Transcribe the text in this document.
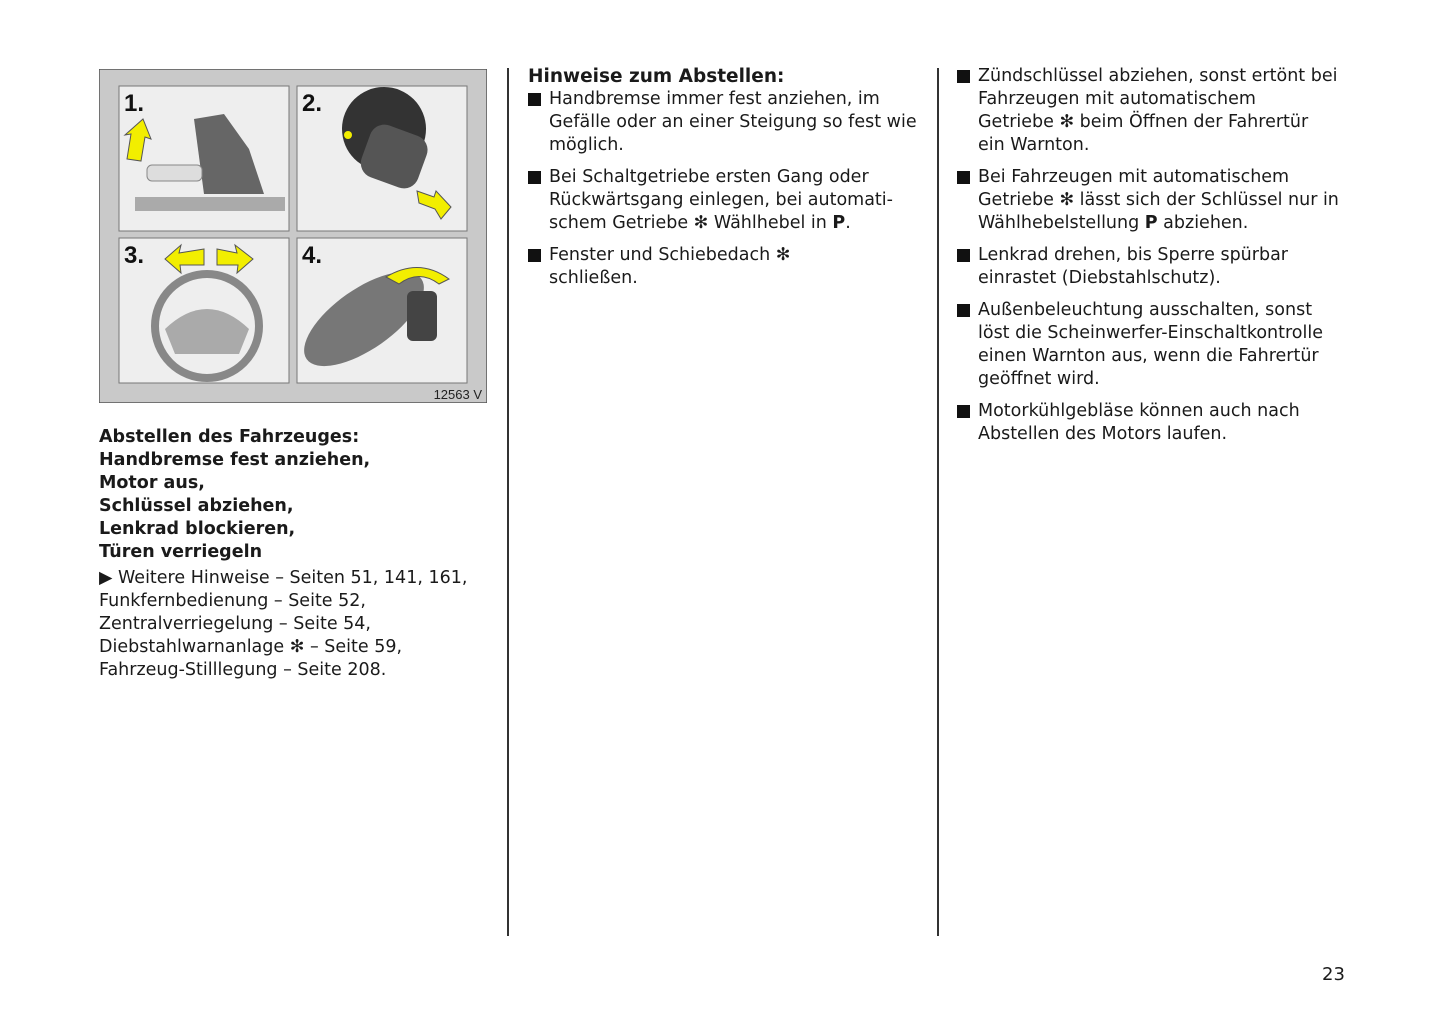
1.	2.
3.	4.
12563 V
Abstellen des Fahrzeuges:
Handbremse fest anziehen,
Motor aus,
Schlüssel abziehen,
Lenkrad blockieren,
Türen verriegeln
▶ Weitere Hinweise – Seiten 51, 141, 161,
Funkfernbedienung – Seite 52,
Zentralverriegelung – Seite 54,
Diebstahlwarnanlage ✻ – Seite 59,
Fahrzeug-Stilllegung – Seite 208.
Hinweise zum Abstellen:
Handbremse immer fest anziehen, im
Gefälle oder an einer Steigung so fest wie
möglich.
Bei Schaltgetriebe ersten Gang oder
Rückwärtsgang einlegen, bei automati-
schem Getriebe ✻ Wählhebel in P.
Fenster und Schiebedach ✻
schließen.
Zündschlüssel abziehen, sonst ertönt bei
Fahrzeugen mit automatischem
Getriebe ✻ beim Öffnen der Fahrertür
ein Warnton.
Bei Fahrzeugen mit automatischem
Getriebe ✻ lässt sich der Schlüssel nur in
Wählhebelstellung P abziehen.
Lenkrad drehen, bis Sperre spürbar
einrastet (Diebstahlschutz).
Außenbeleuchtung ausschalten, sonst
löst die Scheinwerfer-Einschaltkontrolle
einen Warnton aus, wenn die Fahrertür
geöffnet wird.
Motorkühlgebläse können auch nach
Abstellen des Motors laufen.
23
